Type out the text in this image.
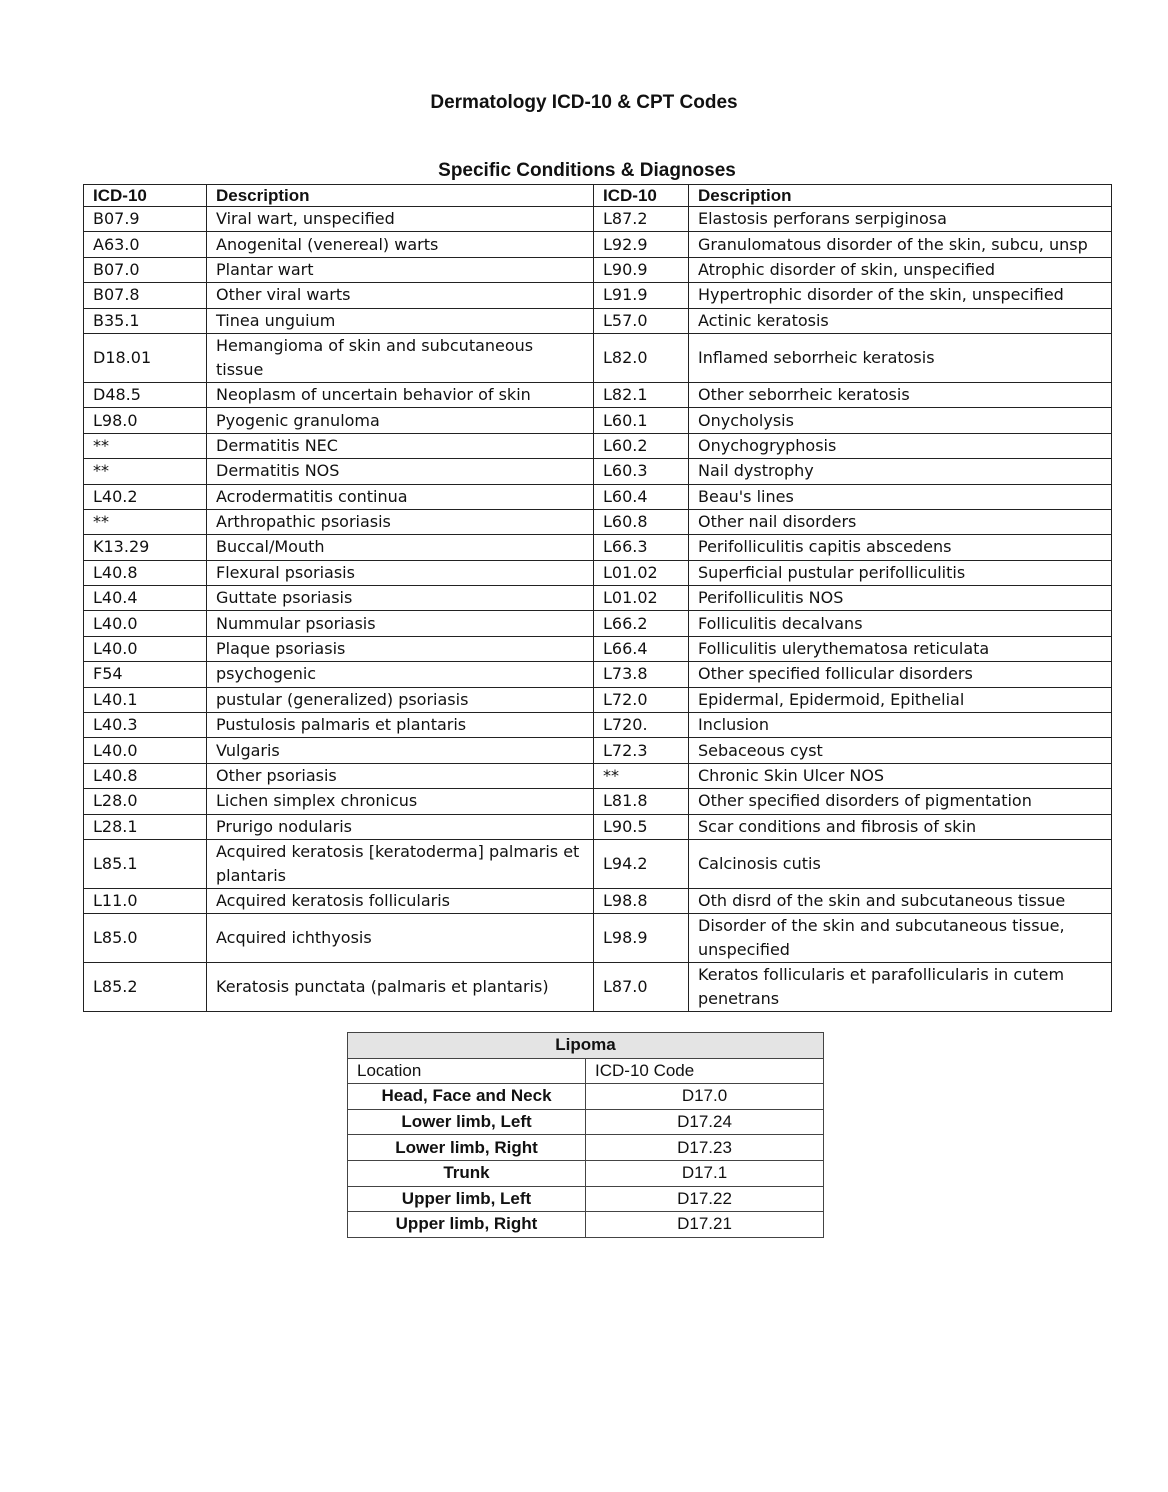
Dermatology ICD-10 & CPT Codes
Specific Conditions & Diagnoses
ICD-10	Description	ICD-10	Description
B07.9	Viral wart, unspecified	L87.2	Elastosis perforans serpiginosa
A63.0	Anogenital (venereal) warts	L92.9	Granulomatous disorder of the skin, subcu, unsp
B07.0	Plantar wart	L90.9	Atrophic disorder of skin, unspecified
B07.8	Other viral warts	L91.9	Hypertrophic disorder of the skin, unspecified
B35.1	Tinea unguium	L57.0	Actinic keratosis
D18.01	Hemangioma of skin and subcutaneous tissue	L82.0	Inflamed seborrheic keratosis
D48.5	Neoplasm of uncertain behavior of skin	L82.1	Other seborrheic keratosis
L98.0	Pyogenic granuloma	L60.1	Onycholysis
**	Dermatitis NEC	L60.2	Onychogryphosis
**	Dermatitis NOS	L60.3	Nail dystrophy
L40.2	Acrodermatitis continua	L60.4	Beau's lines
**	Arthropathic psoriasis	L60.8	Other nail disorders
K13.29	Buccal/Mouth	L66.3	Perifolliculitis capitis abscedens
L40.8	Flexural psoriasis	L01.02	Superficial pustular perifolliculitis
L40.4	Guttate psoriasis	L01.02	Perifolliculitis NOS
L40.0	Nummular psoriasis	L66.2	Folliculitis decalvans
L40.0	Plaque psoriasis	L66.4	Folliculitis ulerythematosa reticulata
F54	psychogenic	L73.8	Other specified follicular disorders
L40.1	pustular (generalized) psoriasis	L72.0	Epidermal, Epidermoid, Epithelial
L40.3	Pustulosis palmaris et plantaris	L720.	Inclusion
L40.0	Vulgaris	L72.3	Sebaceous cyst
L40.8	Other psoriasis	**	Chronic Skin Ulcer NOS
L28.0	Lichen simplex chronicus	L81.8	Other specified disorders of pigmentation
L28.1	Prurigo nodularis	L90.5	Scar conditions and fibrosis of skin
L85.1	Acquired keratosis [keratoderma] palmaris et plantaris	L94.2	Calcinosis cutis
L11.0	Acquired keratosis follicularis	L98.8	Oth disrd of the skin and subcutaneous tissue
L85.0	Acquired ichthyosis	L98.9	Disorder of the skin and subcutaneous tissue, unspecified
L85.2	Keratosis punctata (palmaris et plantaris)	L87.0	Keratos follicularis et parafollicularis in cutem penetrans
Lipoma	
Location	ICD-10 Code
Head, Face and Neck	D17.0
Lower limb, Left	D17.24
Lower limb, Right	D17.23
Trunk	D17.1
Upper limb, Left	D17.22
Upper limb, Right	D17.21
